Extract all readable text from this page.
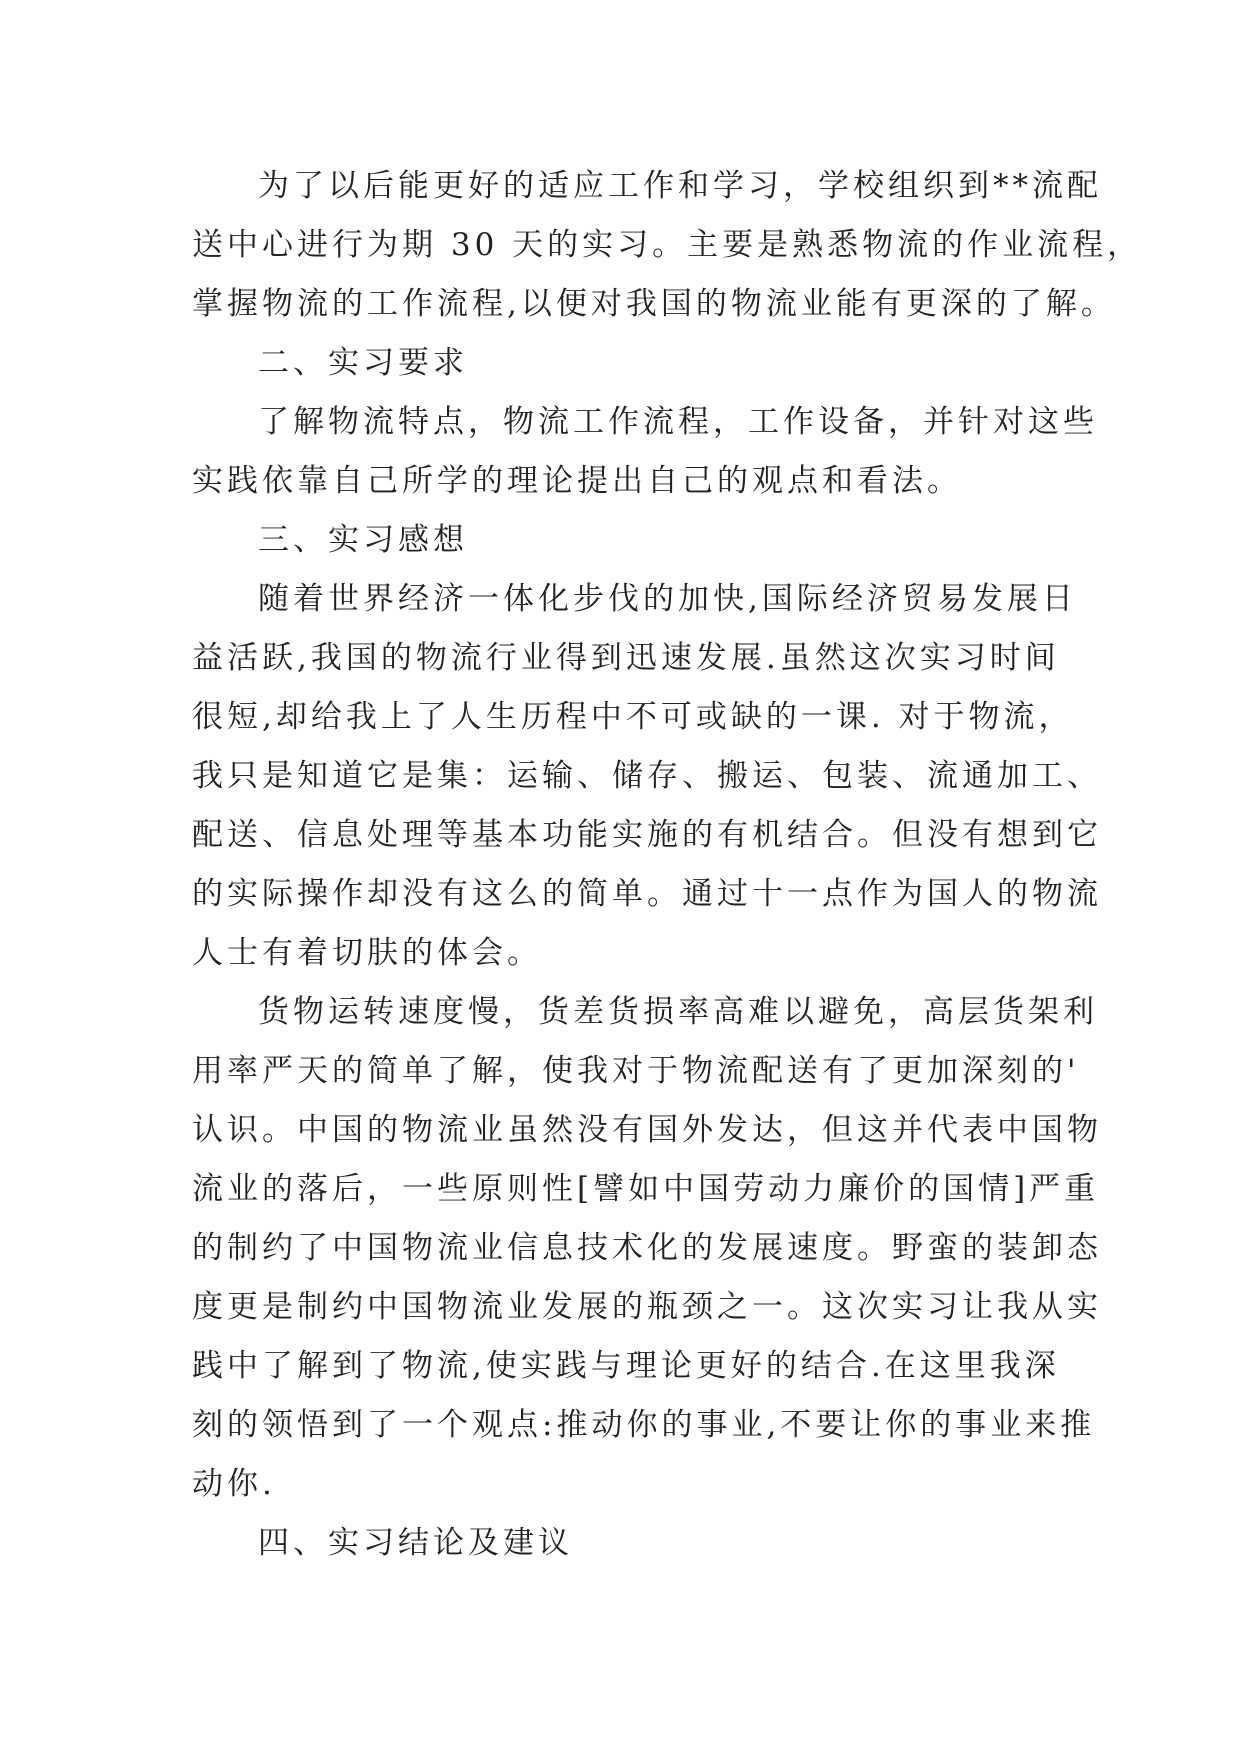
为了以后能更好的适应工作和学习，学校组织到**流配
送中心进行为期 30 天的实习。主要是熟悉物流的作业流程，
掌握物流的工作流程,以便对我国的物流业能有更深的了解。
二、实习要求
了解物流特点，物流工作流程，工作设备，并针对这些
实践依靠自己所学的理论提出自己的观点和看法。
三、实习感想
随着世界经济一体化步伐的加快,国际经济贸易发展日
益活跃,我国的物流行业得到迅速发展.虽然这次实习时间
很短,却给我上了人生历程中不可或缺的一课. 对于物流，
我只是知道它是集：运输、储存、搬运、包装、流通加工、
配送、信息处理等基本功能实施的有机结合。但没有想到它
的实际操作却没有这么的简单。通过十一点作为国人的物流
人士有着切肤的体会。
货物运转速度慢，货差货损率高难以避免，高层货架利
用率严天的简单了解，使我对于物流配送有了更加深刻的'
认识。中国的物流业虽然没有国外发达，但这并代表中国物
流业的落后，一些原则性[譬如中国劳动力廉价的国情]严重
的制约了中国物流业信息技术化的发展速度。野蛮的装卸态
度更是制约中国物流业发展的瓶颈之一。这次实习让我从实
践中了解到了物流,使实践与理论更好的结合.在这里我深
刻的领悟到了一个观点:推动你的事业,不要让你的事业来推
动你.
四、实习结论及建议
